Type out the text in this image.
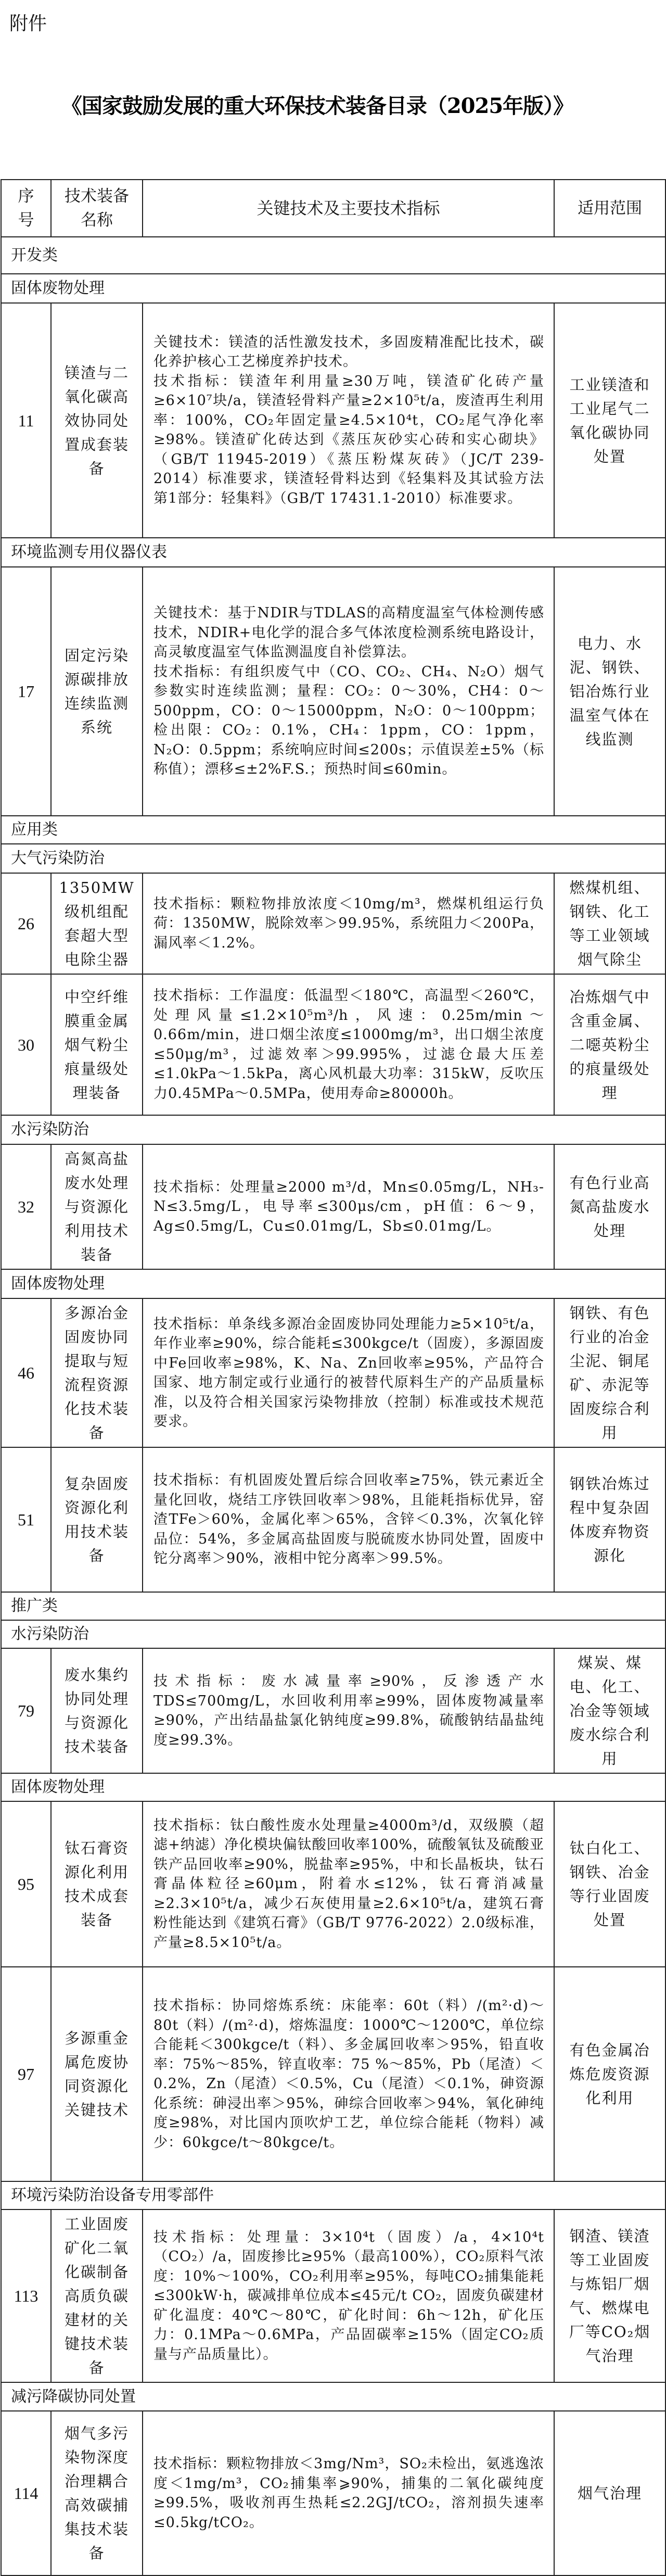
附件
《国家鼓励发展的重大环保技术装备目录（2025年版）》
序号	技术装备名称	关键技术及主要技术指标	适用范围
开发类			
固体废物处理			
11	镁渣与二氧化碳高效协同处置成套装备	关键技术：镁渣的活性激发技术，多固废精准配比技术，碳化养护核心工艺梯度养护技术。

技术指标：镁渣年利用量≥30万吨，镁渣矿化砖产量≥6×10⁷块/a，镁渣轻骨料产量≥2×10⁵t/a，废渣再生利用率：100%，CO₂年固定量≥4.5×10⁴t，CO₂尾气净化率≥98%。镁渣矿化砖达到《蒸压灰砂实心砖和实心砌块》（GB/T 11945-2019）《蒸压粉煤灰砖》（JC/T 239-2014）标准要求，镁渣轻骨料达到《轻集料及其试验方法 第1部分：轻集料》（GB/T 17431.1-2010）标准要求。	工业镁渣和工业尾气二氧化碳协同处置
环境监测专用仪器仪表			
17	固定污染源碳排放连续监测系统	关键技术：基于NDIR与TDLAS的高精度温室气体检测传感技术，NDIR+电化学的混合多气体浓度检测系统电路设计，高灵敏度温室气体监测温度自补偿算法。

技术指标：有组织废气中（CO、CO₂、CH₄、N₂O）烟气参数实时连续监测；量程：CO₂：0～30%，CH4：0～500ppm，CO：0～15000ppm，N₂O：0～100ppm；检出限：CO₂：0.1%，CH₄：1ppm，CO：1ppm，N₂O：0.5ppm；系统响应时间≤200s；示值误差±5%（标称值）；漂移≤±2%F.S.；预热时间≤60min。	电力、水泥、钢铁、铝冶炼行业温室气体在线监测
应用类			
大气污染防治			
26	1350MW级机组配套超大型电除尘器	技术指标：颗粒物排放浓度＜10mg/m³，燃煤机组运行负荷：1350MW，脱除效率＞99.95%，系统阻力＜200Pa，漏风率＜1.2%。	燃煤机组、钢铁、化工等工业领域烟气除尘
30	中空纤维膜重金属烟气粉尘痕量级处理装备	技术指标：工作温度：低温型＜180℃，高温型＜260℃，处理风量≤1.2×10⁵m³/h，风速：0.25m/min～0.66m/min，进口烟尘浓度≤1000mg/m³，出口烟尘浓度≤50μg/m³，过滤效率＞99.995%，过滤仓最大压差≤1.0kPa～1.5kPa，离心风机最大功率：315kW，反吹压力0.45MPa～0.5MPa，使用寿命≥80000h。	冶炼烟气中含重金属、二噁英粉尘的痕量级处理
水污染防治			
32	高氮高盐废水处理与资源化利用技术装备	技术指标：处理量≥2000 m³/d，Mn≤0.05mg/L，NH₃-N≤3.5mg/L，电导率≤300μs/cm，pH值：6～9，Ag≤0.5mg/L，Cu≤0.01mg/L，Sb≤0.01mg/L。	有色行业高氮高盐废水处理
固体废物处理			
46	多源冶金固废协同提取与短流程资源化技术装备	技术指标：单条线多源冶金固废协同处理能力≥5×10⁵t/a，年作业率≥90%，综合能耗≤300kgce/t（固废），多源固废中Fe回收率≥98%，K、Na、Zn回收率≥95%，产品符合国家、地方制定或行业通行的被替代原料生产的产品质量标准，以及符合相关国家污染物排放（控制）标准或技术规范要求。	钢铁、有色行业的冶金尘泥、铜尾矿、赤泥等固废综合利用
51	复杂固废资源化利用技术装备	技术指标：有机固废处置后综合回收率≥75%，铁元素近全量化回收，烧结工序铁回收率＞98%，且能耗指标优异，窑渣TFe＞60%，金属化率＞65%，含锌＜0.3%，次氧化锌品位：54%，多金属高盐固废与脱硫废水协同处置，固废中铊分离率＞90%，液相中铊分离率＞99.5%。	钢铁冶炼过程中复杂固体废弃物资源化
推广类			
水污染防治			
79	废水集约协同处理与资源化技术装备	技术指标：废水减量率≥90%，反渗透产水TDS≤700mg/L，水回收利用率≥99%，固体废物减量率≥90%，产出结晶盐氯化钠纯度≥99.8%，硫酸钠结晶盐纯度≥99.3%。	煤炭、煤电、化工、冶金等领域废水综合利用
固体废物处理			
95	钛石膏资源化利用技术成套装备	技术指标：钛白酸性废水处理量≥4000m³/d，双级膜（超滤+纳滤）净化模块偏钛酸回收率100%，硫酸氧钛及硫酸亚铁产品回收率≥90%，脱盐率≥95%，中和长晶板块，钛石膏晶体粒径≥60μm，附着水≤12%，钛石膏消减量≥2.3×10⁵t/a，减少石灰使用量≥2.6×10⁵t/a，建筑石膏粉性能达到《建筑石膏》（GB/T 9776-2022）2.0级标准，产量≥8.5×10⁵t/a。	钛白化工、钢铁、冶金等行业固废处置
97	多源重金属危废协同资源化关键技术	技术指标：协同熔炼系统：床能率：60t（料）/(m²·d)～80t（料）/(m²·d)，熔炼温度：1000℃～1200℃，单位综合能耗＜300kgce/t（料）、多金属回收率＞95%，铅直收率：75%～85%，锌直收率：75 %～85%，Pb（尾渣）＜0.2%，Zn（尾渣）＜0.5%，Cu（尾渣）＜0.1%，砷资源化系统：砷浸出率＞95%，砷综合回收率＞94%，氧化砷纯度≥98%，对比国内顶吹炉工艺，单位综合能耗（物料）减少：60kgce/t～80kgce/t。	有色金属冶炼危废资源化利用
环境污染防治设备专用零部件			
113	工业固废矿化二氧化碳制备高质负碳建材的关键技术装备	技术指标：处理量：3×10⁴t（固废）/a，4×10⁴t（CO₂）/a，固废掺比≥95%（最高100%），CO₂原料气浓度：10%～100%，CO₂利用率≥95%，每吨CO₂捕集能耗≤300kW·h，碳减排单位成本≤45元/t CO₂，固废负碳建材矿化温度：40℃～80℃，矿化时间：6h～12h，矿化压力：0.1MPa～0.6MPa，产品固碳率≥15%（固定CO₂质量与产品质量比）。	钢渣、镁渣等工业固废与炼铝厂烟气、燃煤电厂等CO₂烟气治理
减污降碳协同处置			
114	烟气多污染物深度治理耦合高效碳捕集技术装备	技术指标：颗粒物排放＜3mg/Nm³，SO₂未检出，氨逃逸浓度＜1mg/m³，CO₂捕集率⩾90%，捕集的二氧化碳纯度≥99.5%，吸收剂再生热耗≤2.2GJ/tCO₂，溶剂损失速率≤0.5kg/tCO₂。	烟气治理
